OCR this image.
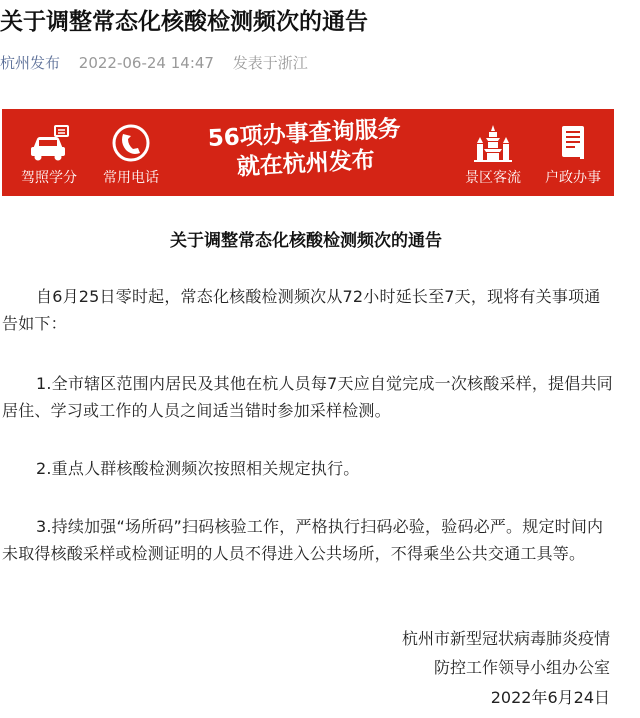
关于调整常态化核酸检测频次的通告
杭州发布 2022-06-24 14:47 发表于浙江
驾照学分	常用电话
56项办事查询服务
就在杭州发布	景区客流	户政办事
关于调整常态化核酸检测频次的通告
自6月25日零时起，常态化核酸检测频次从72小时延长至7天，现将有关事项通告如下：
1.全市辖区范围内居民及其他在杭人员每7天应自觉完成一次核酸采样，提倡共同居住、学习或工作的人员之间适当错时参加采样检测。
2.重点人群核酸检测频次按照相关规定执行。
3.持续加强“场所码”扫码核验工作，严格执行扫码必验，验码必严。规定时间内未取得核酸采样或检测证明的人员不得进入公共场所，不得乘坐公共交通工具等。
杭州市新型冠状病毒肺炎疫情
防控工作领导小组办公室
2022年6月24日
